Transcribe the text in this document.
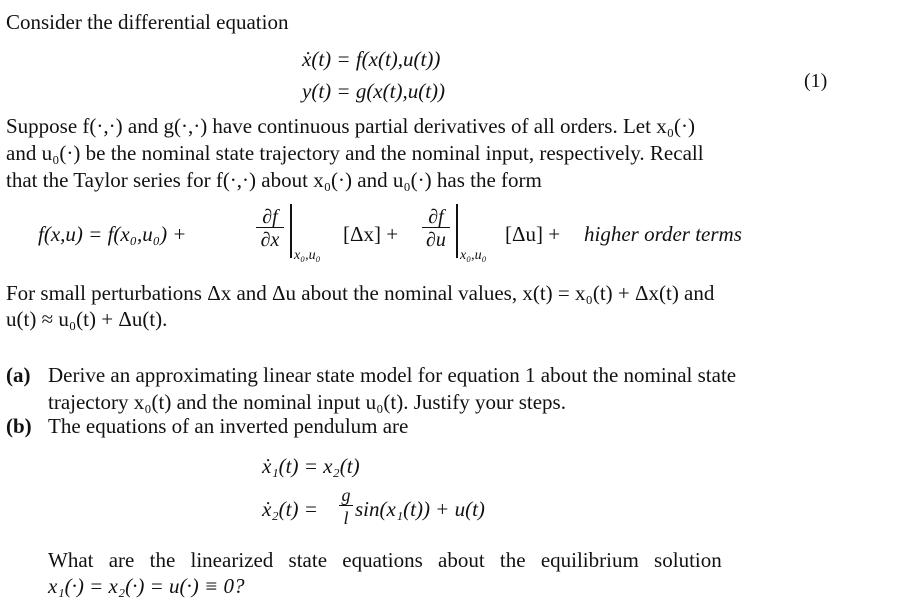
Consider the differential equation
ẋ(t) = f(x(t),u(t))
y(t) = g(x(t),u(t))	(1)
Suppose f(·,·) and g(·,·) have continuous partial derivatives of all orders. Let x₀(·)
and u₀(·) be the nominal state trajectory and the nominal input, respectively. Recall
that the Taylor series for f(·,·) about x₀(·) and u₀(·) has the form
f(x,u) = f(x₀,u₀) +	$\frac{\partial f}{\partial x}$
x₀,u₀
$[\Delta x] + \frac{\partial f}{\partial u}$
x₀,u₀
[Δu] + higher order terms
For small perturbations Δx and Δu about the nominal values, x(t) = x₀(t) + Δx(t) and
u(t) ≈ u₀(t) + Δu(t).
(a) Derive an approximating linear state model for equation 1 about the nominal state
trajectory x₀(t) and the nominal input u₀(t). Justify your steps.
(b) The equations of an inverted pendulum are
ẋ₁(t) = x₂(t)
ẋ₂(t) = $\frac{g}{l} \sin(x_1(t)) + u(t)$
What are the linearized state equations about the equilibrium solution
x₁(·) = x₂(·) = u(·) ≡ 0?
